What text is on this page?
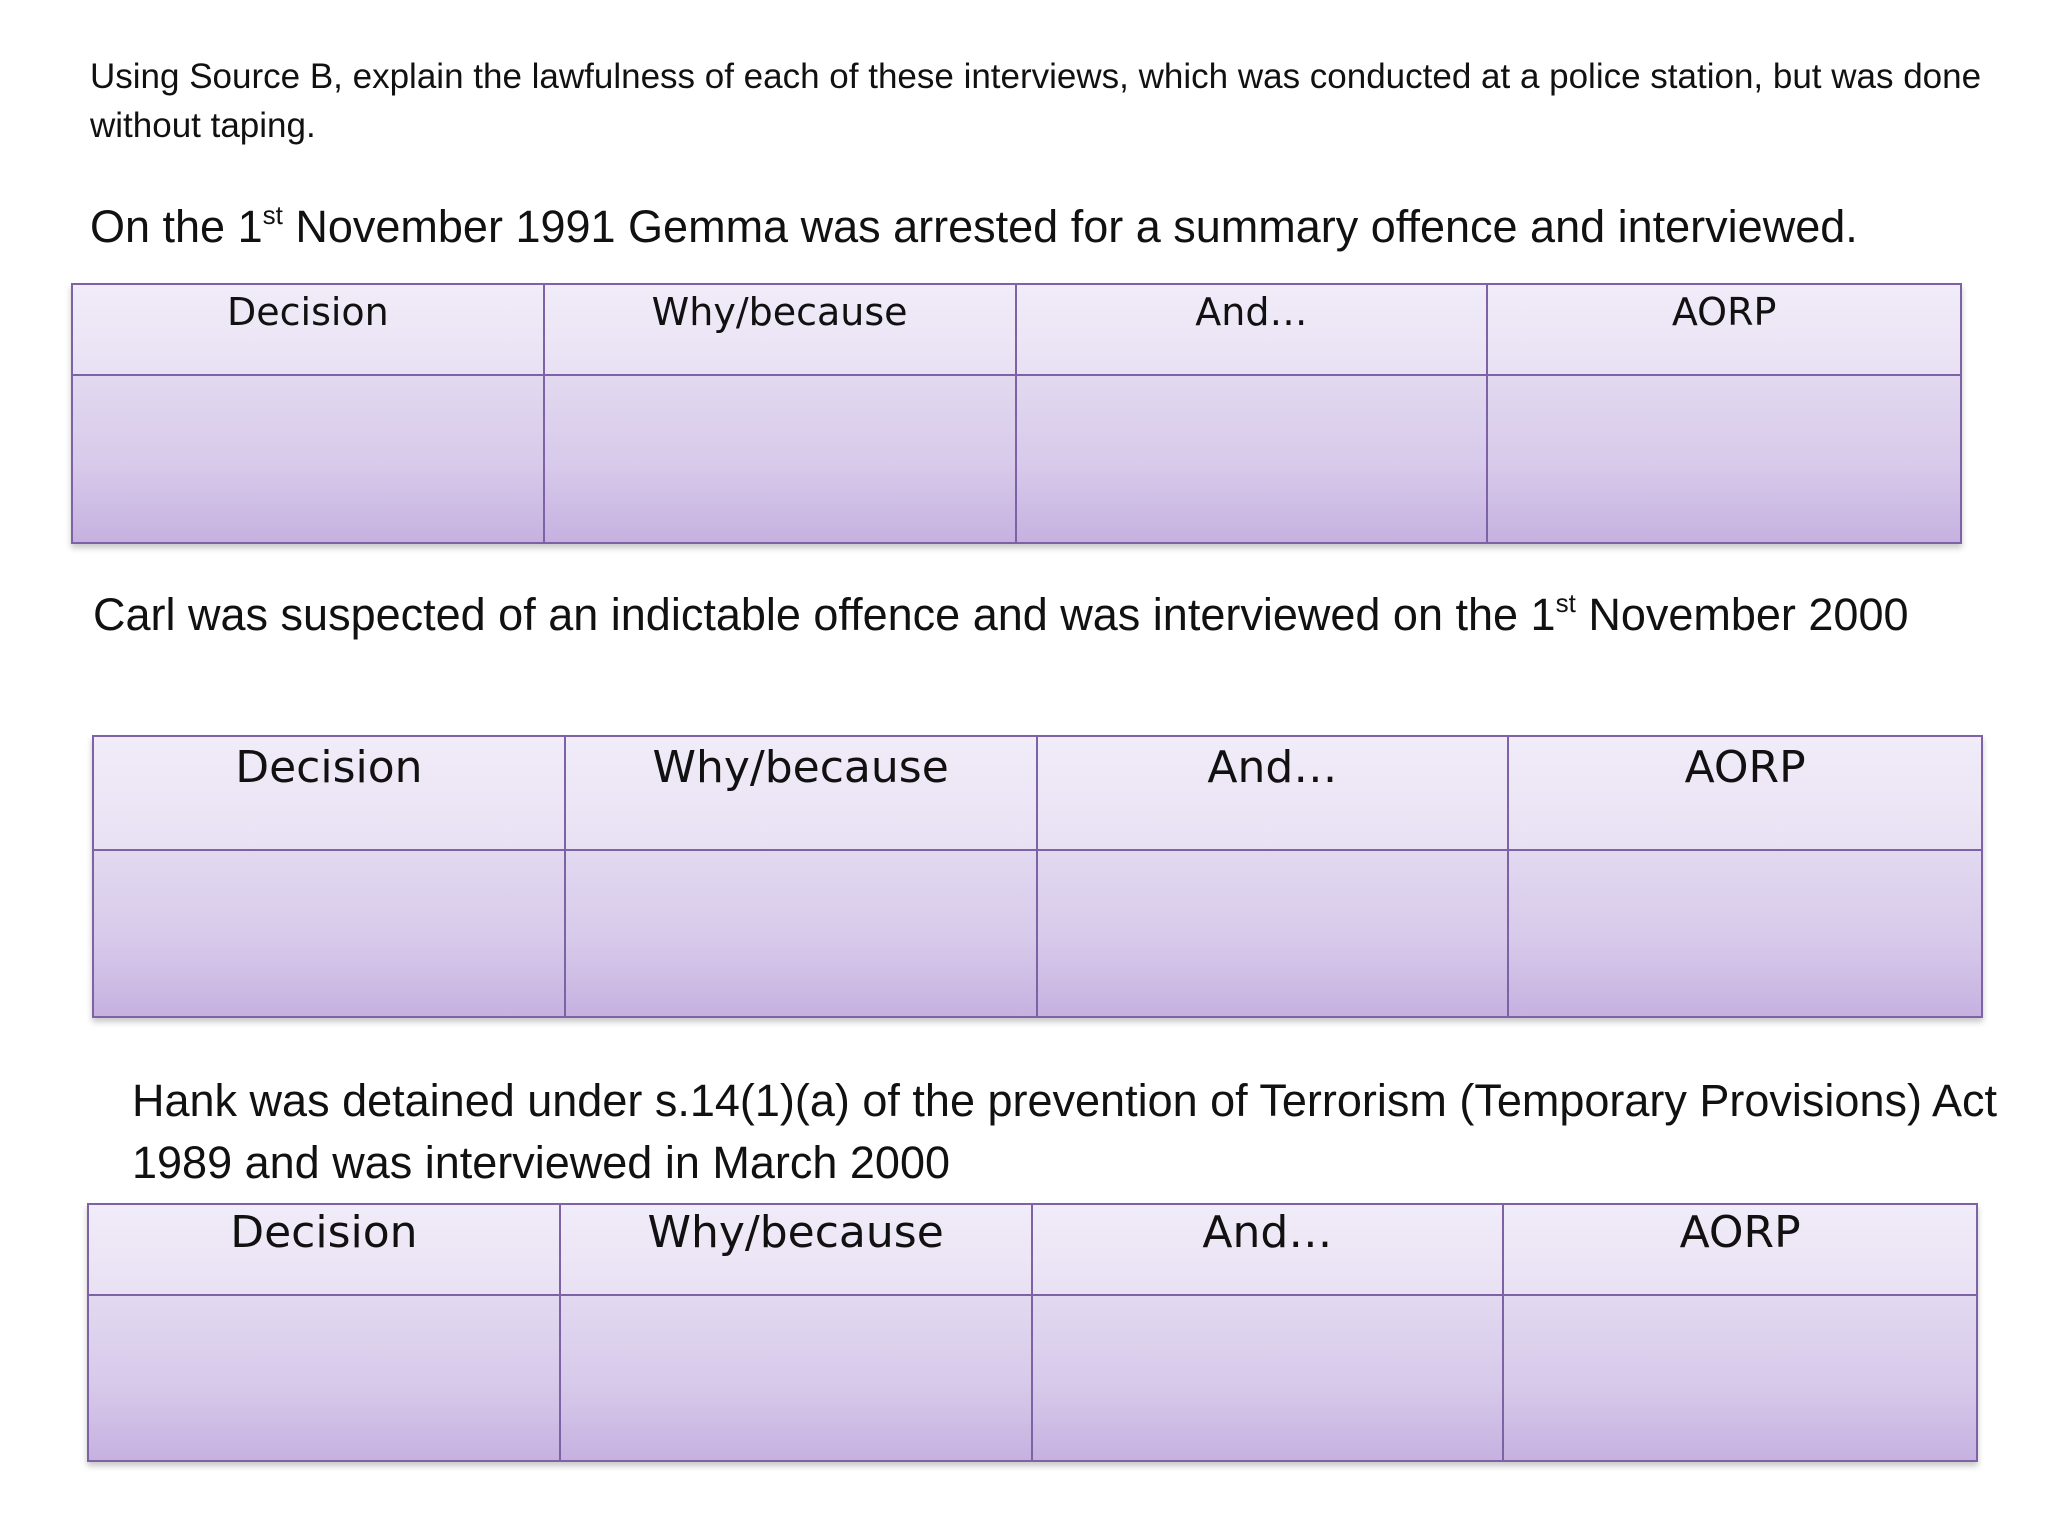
Using Source B, explain the lawfulness of each of these interviews, which was conducted at a police station, but was done without taping.

On the 1st November 1991 Gemma was arrested for a summary offence and interviewed.

Decision	Why/because	And…	AORP

Carl was suspected of an indictable offence and was interviewed on the 1st November 2000

Decision	Why/because	And…	AORP

Hank was detained under s.14(1)(a) of the prevention of Terrorism (Temporary Provisions) Act 1989 and was interviewed in March 2000

Decision	Why/because	And…	AORP
